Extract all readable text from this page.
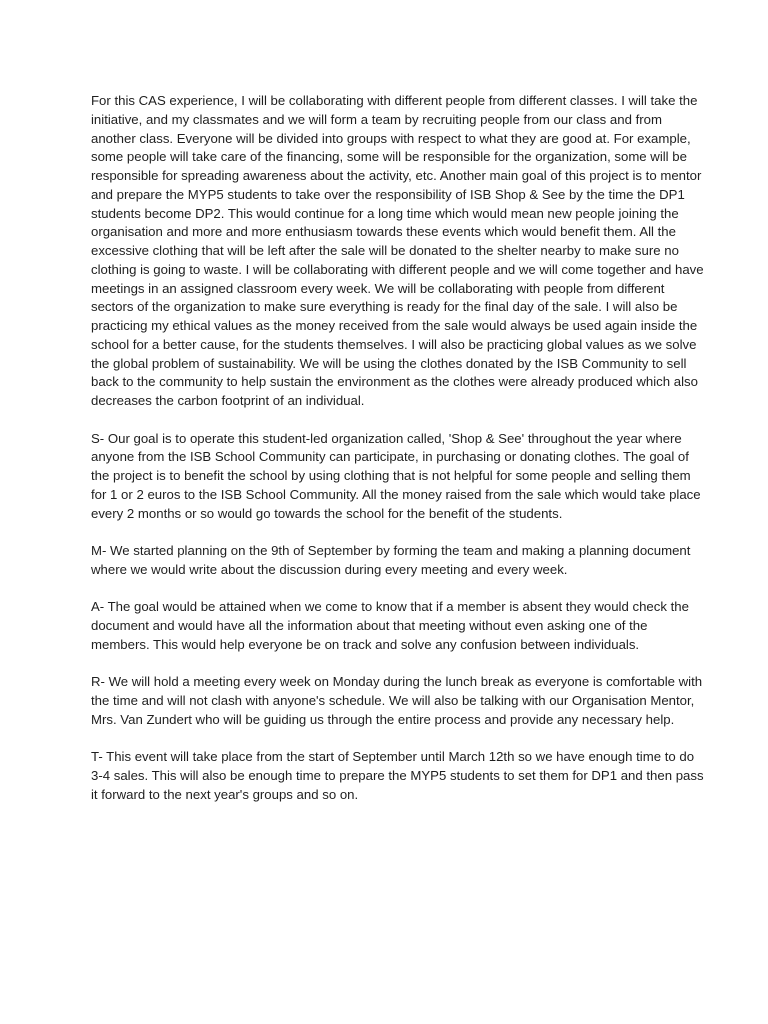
For this CAS experience, I will be collaborating with different people from different classes. I will take the initiative, and my classmates and we will form a team by recruiting people from our class and from another class. Everyone will be divided into groups with respect to what they are good at. For example, some people will take care of the financing, some will be responsible for the organization, some will be responsible for spreading awareness about the activity, etc. Another main goal of this project is to mentor and prepare the MYP5 students to take over the responsibility of ISB Shop & See by the time the DP1 students become DP2. This would continue for a long time which would mean new people joining the organisation and more and more enthusiasm towards these events which would benefit them. All the excessive clothing that will be left after the sale will be donated to the shelter nearby to make sure no clothing is going to waste. I will be collaborating with different people and we will come together and have meetings in an assigned classroom every week. We will be collaborating with people from different sectors of the organization to make sure everything is ready for the final day of the sale. I will also be practicing my ethical values as the money received from the sale would always be used again inside the school for a better cause, for the students themselves. I will also be practicing global values as we solve the global problem of sustainability. We will be using the clothes donated by the ISB Community to sell back to the community to help sustain the environment as the clothes were already produced which also decreases the carbon footprint of an individual.

S- Our goal is to operate this student-led organization called, 'Shop & See' throughout the year where anyone from the ISB School Community can participate, in purchasing or donating clothes. The goal of the project is to benefit the school by using clothing that is not helpful for some people and selling them for 1 or 2 euros to the ISB School Community. All the money raised from the sale which would take place every 2 months or so would go towards the school for the benefit of the students.

M- We started planning on the 9th of September by forming the team and making a planning document where we would write about the discussion during every meeting and every week.

A- The goal would be attained when we come to know that if a member is absent they would check the document and would have all the information about that meeting without even asking one of the members. This would help everyone be on track and solve any confusion between individuals.

R- We will hold a meeting every week on Monday during the lunch break as everyone is comfortable with the time and will not clash with anyone's schedule. We will also be talking with our Organisation Mentor, Mrs. Van Zundert who will be guiding us through the entire process and provide any necessary help.

T- This event will take place from the start of September until March 12th so we have enough time to do 3-4 sales. This will also be enough time to prepare the MYP5 students to set them for DP1 and then pass it forward to the next year's groups and so on.
